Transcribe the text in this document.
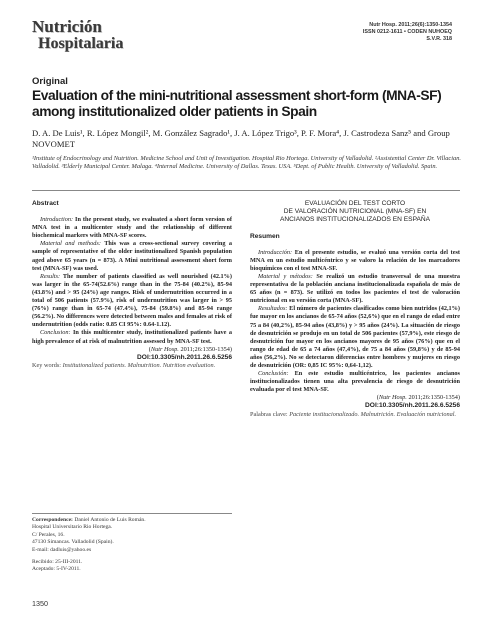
Nutrición
Hospitalaria
Nutr Hosp. 2011;26(6):1350-1354
ISSN 0212-1611 • CODEN NUHOEQ
S.V.R. 318
Original
Evaluation of the mini-nutritional assessment short-form (MNA-SF) among institutionalized older patients in Spain
D. A. De Luis¹, R. López Mongil², M. González Sagrado¹, J. A. López Trigo³, P. F. Mora⁴, J. Castrodeza Sanz⁵ and Group NOVOMET
¹Institute of Endocrinology and Nutrition. Medicine School and Unit of Investigation. Hospital Rio Hortega. University of Valladolid. ²Assistential Center Dr. Villacian. Valladolid. ³Elderly Municipal Center. Malaga. ⁴Internal Medicine. University of Dallas. Texas. USA. ⁵Dept. of Public Health. University of Valladolid. Spain.
Abstract

Introduction: In the present study, we evaluated a short form version of MNA test in a multicenter study and the relationship of different biochemical markers with MNA-SF scores.

Material and methods: This was a cross-sectional survey covering a sample of representative of the older institutionalized Spanish population aged above 65 years (n = 873). A Mini nutritional assessment short form test (MNA-SF) was used.

Results: The number of patients classified as well nourished (42.1%) was larger in the 65-74(52.6%) range than in the 75-84 (40.2%), 85-94 (43.8%) and > 95 (24%) age ranges. Risk of undernutrition occurred in a total of 506 patients (57.9%), risk of undernutrition was larger in > 95 (76%) range than in 65-74 (47.4%), 75-84 (59.8%) and 85-94 range (56.2%). No differences were detected between males and females at risk of undernutrition (odds ratio: 0.85 CI 95%: 0.64-1.12).

Conclusion: In this multicenter study, institutionalized patients have a high prevalence of at risk of malnutrition assessed by MNA-SF test.

(Nutr Hosp. 2011;26:1350-1354)

DOI:10.3305/nh.2011.26.6.5256

Key words: Institutionalized patients. Malnutrition. Nutrition evaluation.

EVALUACIÓN DEL TEST CORTO
DE VALORACIÓN NUTRICIONAL (MNA-SF) EN
ANCIANOS INSTITUCIONALIZADOS EN ESPAÑA
Resumen

Introducción: En el presente estudio, se evaluó una versión corta del test MNA en un estudio multicéntrico y se valoro la relación de los marcadores bioquímicos con el test MNA-SF.

Material y métodos: Se realizó un estudio transversal de una muestra representativa de la población anciana institucionalizada española de más de 65 años (n = 873). Se utilizó en todos los pacientes el test de valoración nutricional en su versión corta (MNA-SF).

Resultados: El número de pacientes clasificados como bien nutridos (42,1%) fue mayor en los ancianos de 65-74 años (52,6%) que en el rango de edad entre 75 a 84 (40,2%), 85-94 años (43,8%) y > 95 años (24%). La situación de riesgo de desnutrición se produjo en un total de 506 pacientes (57,9%), este riesgo de desnutrición fue mayor en los ancianos mayores de 95 años (76%) que en el rango de edad de 65 a 74 años (47,4%), de 75 a 84 años (59,8%) y de 85-94 años (56,2%). No se detectaron diferencias entre hombres y mujeres en riesgo de desnutrición (OR: 0,85 IC 95%: 0,64-1,12).

Conclusión: En este estudio multicéntrico, los pacientes ancianos institucionalizados tienen una alta prevalencia de riesgo de desnutrición evaluada por el test MNA-SF.

(Nutr Hosp. 2011;26:1350-1354)

DOI:10.3305/nh.2011.26.6.5256

Palabras clave: Paciente institucionalizado. Malnutrición. Evaluación nutricional.

Correspondence: Daniel Antonio de Luis Román.
Hospital Universitario Rio Hortega.
C/ Perales, 16.
47130 Simancas. Valladolid (Spain).
E-mail: dadluis@yahoo.es
Recibido: 25-III-2011.
Aceptado: 5-IV-2011.
1350
